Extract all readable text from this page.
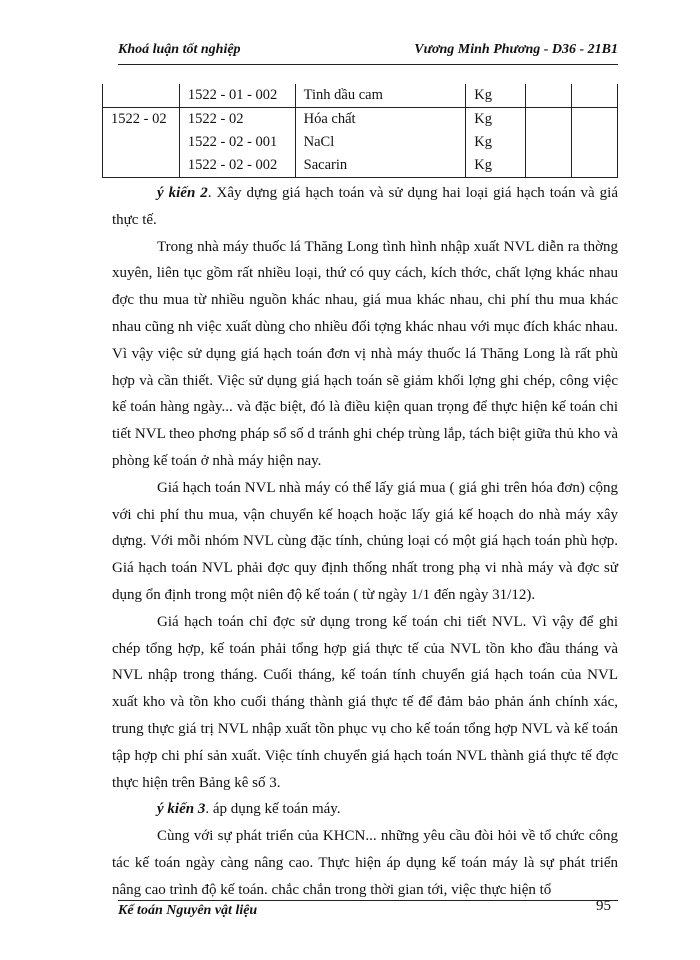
Khoá luận tốt nghiệp	Vương Minh Phương - D36 - 21B1
	1522 - 01 - 002	Tinh dầu cam	Kg		
1522 - 02	1522 - 02	Hóa chất	Kg		
	1522 - 02 - 001	NaCl	Kg		
	1522 - 02 - 002	Sacarin	Kg		

ý kiến 2. Xây dựng giá hạch toán và sử dụng hai loại giá hạch toán và giá thực tế.

Trong nhà máy thuốc lá Thăng Long tình hình nhập xuất NVL diễn ra thờng xuyên, liên tục gồm rất nhiều loại, thứ có quy cách, kích thớc, chất lợng khác nhau đợc thu mua từ nhiều nguồn khác nhau, giá mua khác nhau, chi phí thu mua khác nhau cũng nh việc xuất dùng cho nhiều đối tợng khác nhau với mục đích khác nhau. Vì vậy việc sử dụng giá hạch toán đơn vị nhà máy thuốc lá Thăng Long là rất phù hợp và cần thiết. Việc sử dụng giá hạch toán sẽ giảm khối lợng ghi chép, công việc kế toán hàng ngày... và đặc biệt, đó là điều kiện quan trọng để thực hiện kế toán chi tiết NVL theo phơng pháp sổ số d tránh ghi chép trùng lắp, tách biệt giữa thủ kho và phòng kế toán ở nhà máy hiện nay.

Giá hạch toán NVL nhà máy có thể lấy giá mua ( giá ghi trên hóa đơn) cộng với chi phí thu mua, vận chuyển kế hoạch hoặc lấy giá kế hoạch do nhà máy xây dựng. Với mỗi nhóm NVL cùng đặc tính, chủng loại có một giá hạch toán phù hợp. Giá hạch toán NVL phải đợc quy định thống nhất trong phạ vi nhà máy và đợc sử dụng ổn định trong một niên độ kế toán ( từ ngày 1/1 đến ngày 31/12).

Giá hạch toán chỉ đợc sử dụng trong kế toán chi tiết NVL. Vì vậy để ghi chép tổng hợp, kế toán phải tổng hợp giá thực tế của NVL tồn kho đầu tháng và NVL nhập trong tháng. Cuối tháng, kế toán tính chuyển giá hạch toán của NVL xuất kho và tồn kho cuối tháng thành giá thực tế để đảm bảo phản ánh chính xác, trung thực giá trị NVL nhập xuất tồn phục vụ cho kế toán tổng hợp NVL và kế toán tập hợp chi phí sản xuất. Việc tính chuyển giá hạch toán NVL thành giá thực tế đợc thực hiện trên Bảng kê số 3.

ý kiến 3. áp dụng kế toán máy.

Cùng với sự phát triển của KHCN... những yêu cầu đòi hỏi về tổ chức công tác kế toán ngày càng nâng cao. Thực hiện áp dụng kế toán máy là sự phát triển nâng cao trình độ kế toán. chắc chắn trong thời gian tới, việc thực hiện tổ

Kế toán Nguyên vật liệu	95
